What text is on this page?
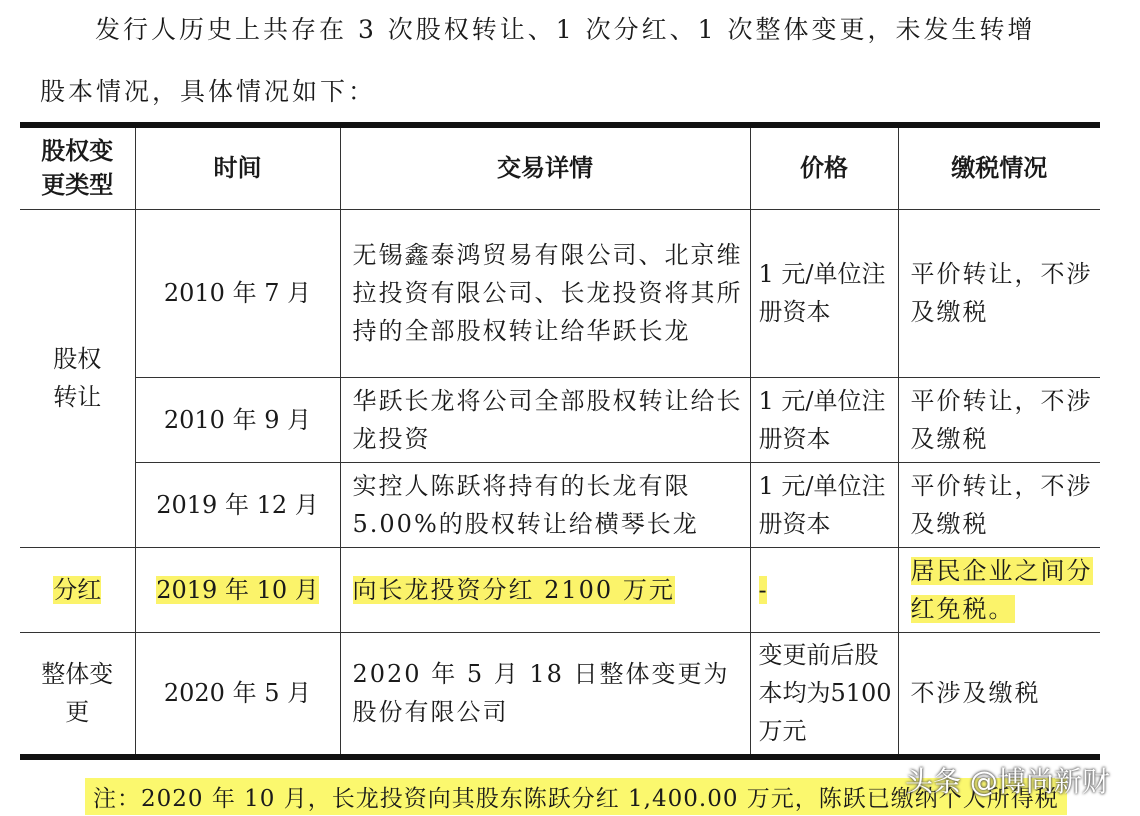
发行人历史上共存在 3 次股权转让、1 次分红、1 次整体变更，未发生转增
股本情况，具体情况如下：
股权变更类型	时间	交易详情	价格	缴税情况

股权转让	2010 年 7 月	无锡鑫泰鸿贸易有限公司、北京维拉投资有限公司、长龙投资将其所持的全部股权转让给华跃长龙	1 元/单位注册资本	平价转让，不涉及缴税
	2010 年 9 月	华跃长龙将公司全部股权转让给长龙投资	1 元/单位注册资本	平价转让，不涉及缴税
	2019 年 12 月	实控人陈跃将持有的长龙有限5.00%的股权转让给横琴长龙	1 元/单位注册资本	平价转让，不涉及缴税
分红	2019 年 10 月	向长龙投资分红 2100 万元	-	居民企业之间分红免税。

整体变更	2020 年 5 月	2020 年 5 月 18 日整体变更为股份有限公司	变更前后股本均为5100 万元	不涉及缴税
注：2020 年 10 月，长龙投资向其股东陈跃分红 1,400.00 万元，陈跃已缴纳个人所得税
头条 @博尚新财
